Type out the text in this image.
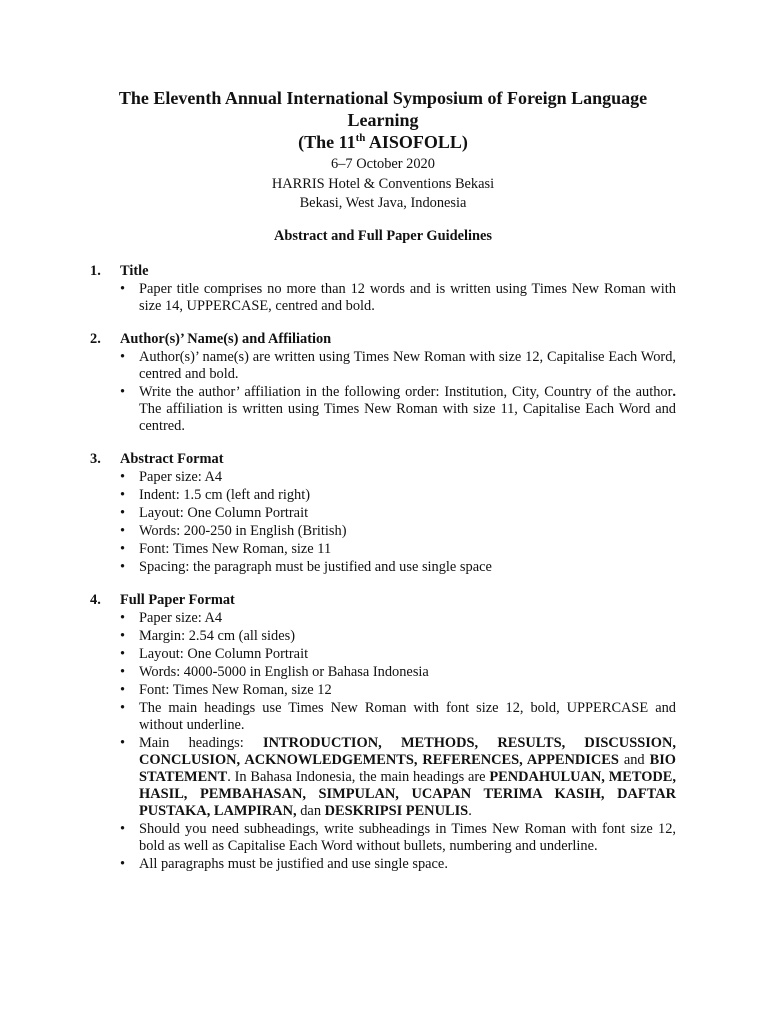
The Eleventh Annual International Symposium of Foreign Language
Learning
(The 11th AISOFOLL)
6–7 October 2020
HARRIS Hotel & Conventions Bekasi
Bekasi, West Java, Indonesia
Abstract and Full Paper Guidelines
1.	Title
• Paper title comprises no more than 12 words and is written using Times New Roman with size 14, UPPERCASE, centred and bold.
2.	Author(s)’ Name(s) and Affiliation
• Author(s)’ name(s) are written using Times New Roman with size 12, Capitalise Each Word, centred and bold.
• Write the author’ affiliation in the following order: Institution, City, Country of the author. The affiliation is written using Times New Roman with size 11, Capitalise Each Word and centred.
3.	Abstract Format
• Paper size: A4
• Indent: 1.5 cm (left and right)
• Layout: One Column Portrait
• Words: 200-250 in English (British)
• Font: Times New Roman, size 11
• Spacing: the paragraph must be justified and use single space
4.	Full Paper Format
• Paper size: A4
• Margin: 2.54 cm (all sides)
• Layout: One Column Portrait
• Words: 4000-5000 in English or Bahasa Indonesia
• Font: Times New Roman, size 12
• The main headings use Times New Roman with font size 12, bold, UPPERCASE and without underline.
• Main headings: INTRODUCTION, METHODS, RESULTS, DISCUSSION, CONCLUSION, ACKNOWLEDGEMENTS, REFERENCES, APPENDICES and BIO STATEMENT. In Bahasa Indonesia, the main headings are PENDAHULUAN, METODE, HASIL, PEMBAHASAN, SIMPULAN, UCAPAN TERIMA KASIH, DAFTAR PUSTAKA, LAMPIRAN, dan DESKRIPSI PENULIS.
• Should you need subheadings, write subheadings in Times New Roman with font size 12, bold as well as Capitalise Each Word without bullets, numbering and underline.
• All paragraphs must be justified and use single space.
